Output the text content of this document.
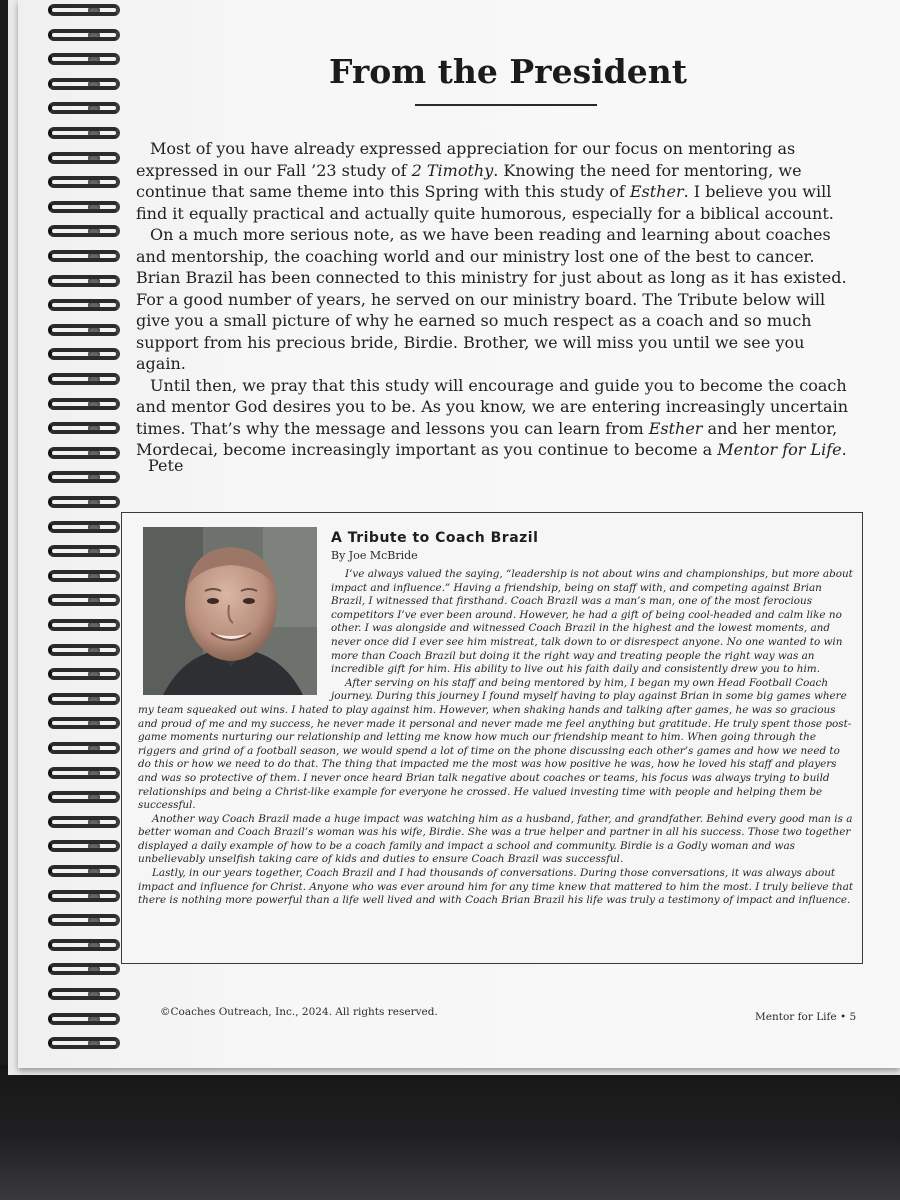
From the President

Most of you have already expressed appreciation for our focus on mentoring as expressed in our Fall ’23 study of 2 Timothy. Knowing the need for mentoring, we continue that same theme into this Spring with this study of Esther. I believe you will find it equally practical and actually quite humorous, especially for a biblical account.

On a much more serious note, as we have been reading and learning about coaches and mentorship, the coaching world and our ministry lost one of the best to cancer. Brian Brazil has been connected to this ministry for just about as long as it has existed. For a good number of years, he served on our ministry board. The Tribute below will give you a small picture of why he earned so much respect as a coach and so much support from his precious bride, Birdie. Brother, we will miss you until we see you again.

Until then, we pray that this study will encourage and guide you to become the coach and mentor God desires you to be. As you know, we are entering increasingly uncertain times. That’s why the message and lessons you can learn from Esther and her mentor, Mordecai, become increasingly important as you continue to become a Mentor for Life.

Pete
A Tribute to Coach Brazil
By Joe McBride

I’ve always valued the saying, “leadership is not about wins and championships, but more about impact and influence.” Having a friendship, being on staff with, and competing against Brian Brazil, I witnessed that firsthand. Coach Brazil was a man’s man, one of the most ferocious competitors I’ve ever been around. However, he had a gift of being cool-headed and calm like no other. I was alongside and witnessed Coach Brazil in the highest and the lowest moments, and never once did I ever see him mistreat, talk down to or disrespect anyone. No one wanted to win more than Coach Brazil but doing it the right way and treating people the right way was an incredible gift for him. His ability to live out his faith daily and consistently drew you to him.

After serving on his staff and being mentored by him, I began my own Head Football Coach journey. During this journey I found myself having to play against Brian in some big games where my team squeaked out wins. I hated to play against him. However, when shaking hands and talking after games, he was so gracious and proud of me and my success, he never made it personal and never made me feel anything but gratitude. He truly spent those post-game moments nurturing our relationship and letting me know how much our friendship meant to him. When going through the riggers and grind of a football season, we would spend a lot of time on the phone discussing each other’s games and how we need to do this or how we need to do that. The thing that impacted me the most was how positive he was, how he loved his staff and players and was so protective of them. I never once heard Brian talk negative about coaches or teams, his focus was always trying to build relationships and being a Christ-like example for everyone he crossed. He valued investing time with people and helping them be successful.

Another way Coach Brazil made a huge impact was watching him as a husband, father, and grandfather. Behind every good man is a better woman and Coach Brazil’s woman was his wife, Birdie. She was a true helper and partner in all his success. Those two together displayed a daily example of how to be a coach family and impact a school and community. Birdie is a Godly woman and was unbelievably unselfish taking care of kids and duties to ensure Coach Brazil was successful.

Lastly, in our years together, Coach Brazil and I had thousands of conversations. During those conversations, it was always about impact and influence for Christ. Anyone who was ever around him for any time knew that mattered to him the most. I truly believe that there is nothing more powerful than a life well lived and with Coach Brian Brazil his life was truly a testimony of impact and influence.

©Coaches Outreach, Inc., 2024. All rights reserved.	Mentor for Life • 5
